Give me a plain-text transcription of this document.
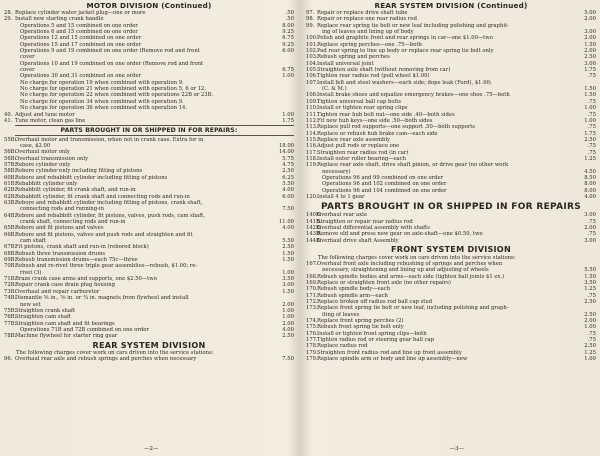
MOTOR DIVISION (Continued)
28. Replace cylinder water jacket plug—one or more	.50
29. Install new starting crank handle	.50
Operations 5 and 15 combined on one order	8.00
Operations 6 and 15 combined on one order	9.25
Operations 12 and 15 combined on one order	6.75
Operations 15 and 17 combined on one order	9.25
Operations 9 and 19 combined on one order (Remove rod and front	6.00
cover
Operations 10 and 19 combined on one order (Remove rod and front
cover	6.75
Operations 30 and 31 combined on one order	1.00
No charge for operation 19 when combined with operation 9.
No charge for operation 21 when combined with operation 5, 6 or 12.
No charge for operation 22 when combined with operations 22B or 23B.
No charge for operation 34 when combined with operation 9.
No charge for operation 36 when combined with operation 14.
40. Adjust and tune motor	1.00
41. Tune motor, clean gas line	1.75
PARTS BROUGHT IN OR SHIPPED IN FOR REPAIRS:
55B.
Overhaul motor and transmission, when not in crank case. Extra for in
case, $2.00	18.00
56B.
Overhaul motor only	14.00
56B.
Overhaul transmission only	5.75
57B.
Rebore cylinder only	4.75
58B.
Rebore cylinder only including fitting of pistons	2.50
60B.
Rebore and rebabbitt cylinder including fitting of pistons	6.25
61B.
Rebabbitt cylinder only	5.50
62B.
Rebabbitt cylinder, fit crank shaft, and run-in	4.00
62B.
Rebabbitt cylinder, fit crank shaft and connecting rods and run-in	6.00
63B.
Rebore and rebabbitt cylinder including fitting of pistons, crank shaft,
connecting rods and running-in	7.50
64B.
Rebore and rebabbitt cylinder, fit pistons, valves, push rods, cam shaft,
crank shaft, connecting rods and run-in	11.00
65B.
Rebore and fit pistons and valves	4.00
66B.
Rebore and fit pistons, valves and push rods and straighten and fit
cam shaft	5.50
67B.
Fit pistons, crank shaft and run-in (rebored block)	2.50
68B.
Rebush three transmission drums	1.50
69B.
Rebush transmission drums—each 75c—three	1.50
70B.
Rebush and re-rivet three triple gear assemblies—rebush, $1.00; re-
rivet (3)	1.00
71B.
Braze crank case arms and supports, one $2.50—two	3.50
72B.
Repair crank case drain plug housing	3.00
73B.
Overhaul and repair carburetor	1.50
74B.
Dismantle ⅜ in., ⅝ in. or ¾ in. magnets from flywheel and install
new set	2.00
75B.
Straighten crank shaft	1.00
76B.
Straighten cam shaft	1.00
77B.
Straighten cam shaft and fit bearings	2.00
Operations 71B and 72B combined on one order	4.00
78B.
Machine flywheel for starter ring gear	2.50
REAR SYSTEM DIVISION
The following charges cover work on cars driven into the service stations:
96. Overhaul rear axle and rebush springs and perches when necessary	7.50
—2—
REAR SYSTEM DIVISION (Continued)
97. Repair or replace drive shaft tube	5.00
98. Repair or replace one rear radius rod	2.00
99. Replace rear spring tie bolt or new leaf including polishing and graphit-
ing of leaves and lining up of body	3.00
100. Polish and graphite front and rear springs in car—one $1.00—two	2.00
101. Replace spring perches—one .75—both	1.50
102. Pad rear spring to line up body or replace rear spring tie bolt only	2.00
103. Rebush spring and perches	2.50
104. Install universal joint	3.00
105. Straighten axle shaft (without removing from car)	1.75
106. Tighten rear radius rod (pull wheel $1.00)	.75
107. Install felt and steel washers—each side; dope leak (Ford), $1.00;
(C. & M.)	1.50
108. Install brake shoes and equalize emergency brakes—one shoe .75—both	1.50
109. Tighten universal ball cap bolts	.75
110. Install or tighten rear spring clips	1.00
111. Tighten rear hub bolt nut—one side .40—both sides	.75
112. Fit new hub keys—one side .50—both sides	1.00
113. Replace pull rod supports—one support .50—both supports	.75
114. Replace or rebush hub brake cam—each side	1.75
115. Replace rear axle assembly	2.50
116. Adjust pull rods or replace one	.75
117. Straighten rear radius rod (in car)	.75
118. Install outer roller bearing—each	1.25
119. Replace rear axle shaft, drive shaft pinion, or drive gear (no other work
necessary)	4.50
Operations 96 and 99 combined on one order	8.50
Operations 96 and 102 combined on one order	8.00
Operations 96 and 104 combined on one order	8.00
120. Install 4 to 1 gear	4.00
PARTS BROUGHT IN OR SHIPPED IN FOR REPAIRS
140B.
Overhaul rear axle	3.00
141B.
Straighten or repair rear radius rod	.75
142B.
Overhaul differential assembly with shafts	2.00
143B.
Remove old and press new gear on axle-shaft—one $0.50, two	.75
144B.
Overhaul drive shaft Assembly	3.00
FRONT SYSTEM DIVISION
The following charges cover work on cars driven into the service stations:
167. Overhaul front axle including rebushing of springs and perches when
necessary, straightening and lining up and adjusting of wheels	5.50
168. Rebush spindle bodies and arms—each side (tighten ball joints $1 ex.)	1.50
169. Replace or straighten front axle (no other repairs)	3.50
170. Rebush spindle body—each	1.25
171. Rebush spindle arm—each	.75
172. Replace broken off radius rod ball cap stud	2.50
173. Replace front spring tie bolt or new leaf, including polishing and graph-
iting of leaves	2.50
174. Replace front spring perches (2)	2.00
175. Rebush front spring tie bolt only	1.00
176. Install or tighten front spring clips—both	.75
177. Tighten radius rod or steering gear ball cap	.75
178. Replace radius rod	2.50
179. Straighten front radius rod and line up front assembly	1.25
179. Replace spindle arm or body and line up assembly—new	1.00
—3—
